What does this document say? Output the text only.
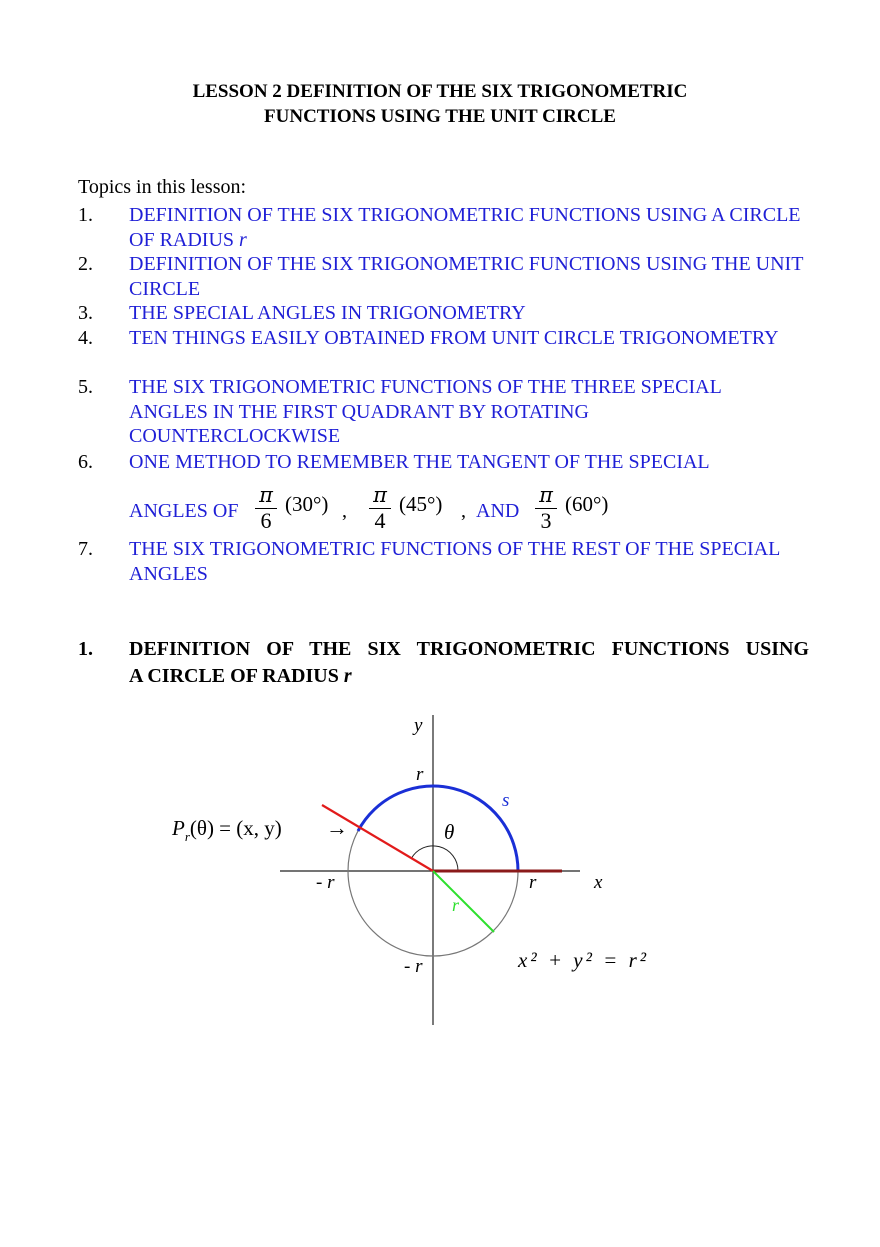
LESSON 2 DEFINITION OF THE SIX TRIGONOMETRIC
FUNCTIONS USING THE UNIT CIRCLE
Topics in this lesson:
1. DEFINITION OF THE SIX TRIGONOMETRIC FUNCTIONS USING A CIRCLE OF RADIUS r
2. DEFINITION OF THE SIX TRIGONOMETRIC FUNCTIONS USING THE UNIT CIRCLE
3. THE SPECIAL ANGLES IN TRIGONOMETRY
4. TEN THINGS EASILY OBTAINED FROM UNIT CIRCLE TRIGONOMETRY
5. THE SIX TRIGONOMETRIC FUNCTIONS OF THE THREE SPECIAL ANGLES IN THE FIRST QUADRANT BY ROTATING COUNTERCLOCKWISE
6. ONE METHOD TO REMEMBER THE TANGENT OF THE SPECIAL
ANGLES OF
π
6
(30°) ,
π
4
(45°) , AND
π
3
(60°)
7. THE SIX TRIGONOMETRIC FUNCTIONS OF THE REST OF THE SPECIAL ANGLES
1. DEFINITION OF THE SIX TRIGONOMETRIC FUNCTIONS USING
A CIRCLE OF RADIUS r
y
r
s
θ
- r	r	x
r
- r
$P_r(\theta) = (x$, y) →
x² + y² = r²
